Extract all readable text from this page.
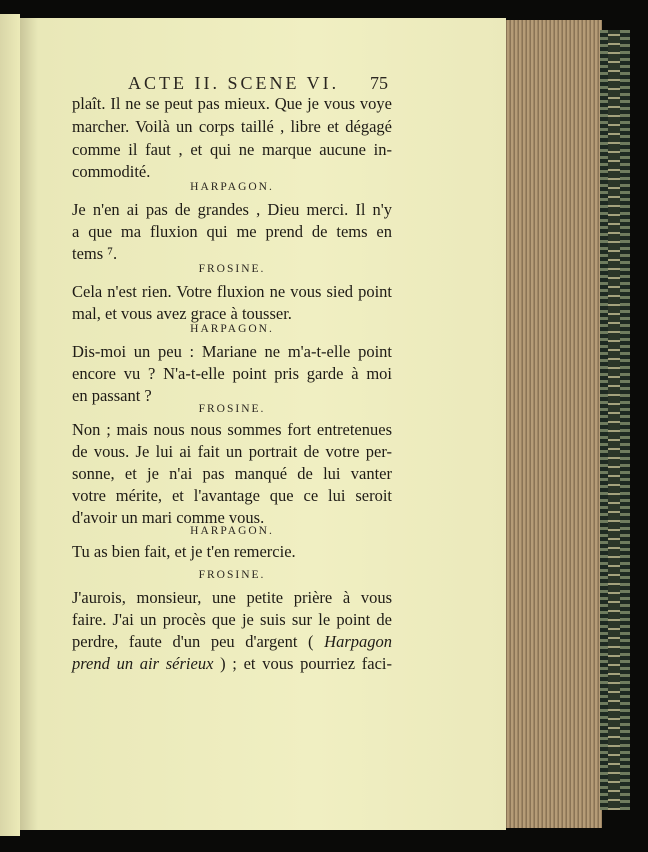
ACTE II. SCENE VI.	75
plaît. Il ne se peut pas mieux. Que je vous voye
marcher. Voilà un corps taillé , libre et dégagé
comme il faut , et qui ne marque aucune in-
commodité.
HARPAGON.
Je n'en ai pas de grandes , Dieu merci. Il n'y
a que ma fluxion qui me prend de tems en
tems ⁷.
FROSINE.
Cela n'est rien. Votre fluxion ne vous sied point
mal, et vous avez grace à tousser.
HARPAGON.
Dis-moi un peu : Mariane ne m'a-t-elle point
encore vu ? N'a-t-elle point pris garde à moi
en passant ?
FROSINE.
Non ; mais nous nous sommes fort entretenues
de vous. Je lui ai fait un portrait de votre per-
sonne, et je n'ai pas manqué de lui vanter
votre mérite, et l'avantage que ce lui seroit
d'avoir un mari comme vous.
HARPAGON.
Tu as bien fait, et je t'en remercie.
FROSINE.
J'aurois, monsieur, une petite prière à vous
faire. J'ai un procès que je suis sur le point de
perdre, faute d'un peu d'argent ( Harpagon
prend un air sérieux ) ; et vous pourriez faci-
